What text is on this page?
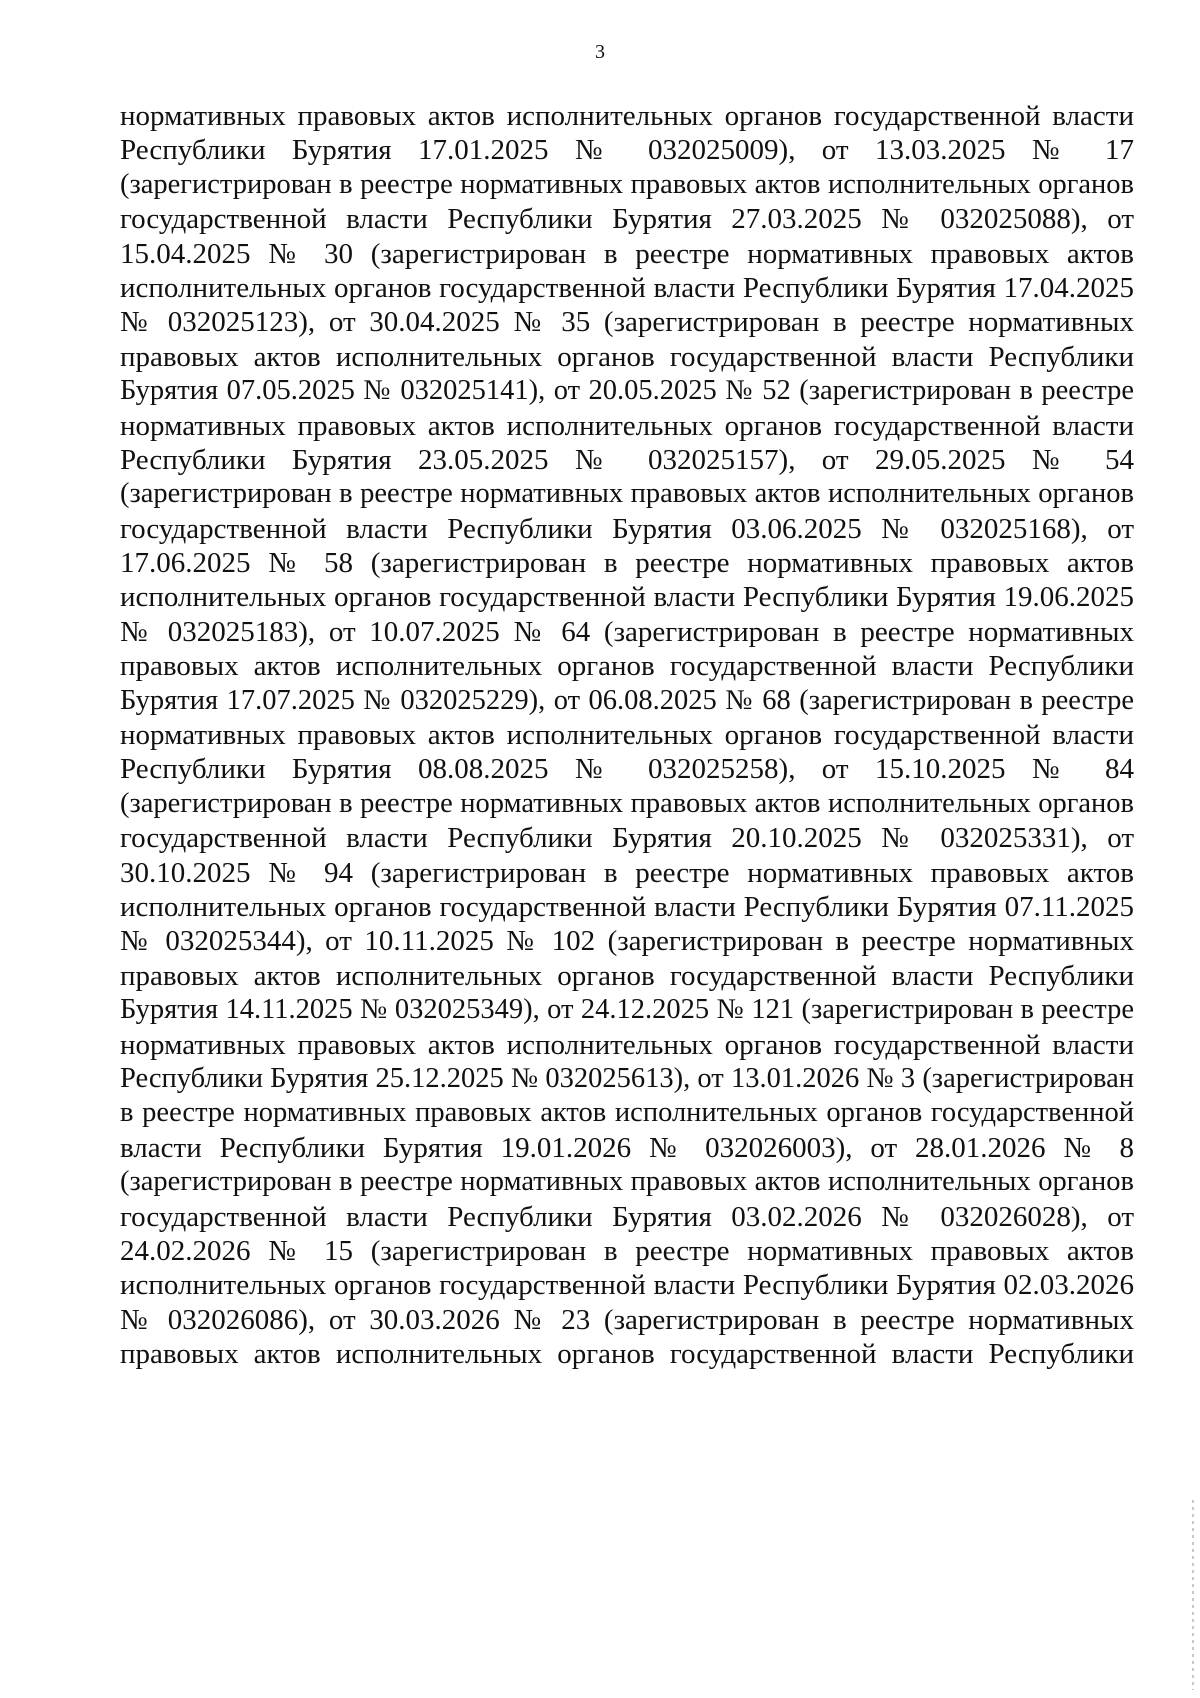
3
нормативных правовых актов исполнительных органов государственной власти
Республики Бурятия 17.01.2025 № 032025009), от 13.03.2025 № 17
(зарегистрирован в реестре нормативных правовых актов исполнительных органов
государственной власти Республики Бурятия 27.03.2025 № 032025088), от
15.04.2025 № 30 (зарегистрирован в реестре нормативных правовых актов
исполнительных органов государственной власти Республики Бурятия 17.04.2025
№ 032025123), от 30.04.2025 № 35 (зарегистрирован в реестре нормативных
правовых актов исполнительных органов государственной власти Республики
Бурятия 07.05.2025 № 032025141), от 20.05.2025 № 52 (зарегистрирован в реестре
нормативных правовых актов исполнительных органов государственной власти
Республики Бурятия 23.05.2025 № 032025157), от 29.05.2025 № 54
(зарегистрирован в реестре нормативных правовых актов исполнительных органов
государственной власти Республики Бурятия 03.06.2025 № 032025168), от
17.06.2025 № 58 (зарегистрирован в реестре нормативных правовых актов
исполнительных органов государственной власти Республики Бурятия 19.06.2025
№ 032025183), от 10.07.2025 № 64 (зарегистрирован в реестре нормативных
правовых актов исполнительных органов государственной власти Республики
Бурятия 17.07.2025 № 032025229), от 06.08.2025 № 68 (зарегистрирован в реестре
нормативных правовых актов исполнительных органов государственной власти
Республики Бурятия 08.08.2025 № 032025258), от 15.10.2025 № 84
(зарегистрирован в реестре нормативных правовых актов исполнительных органов
государственной власти Республики Бурятия 20.10.2025 № 032025331), от
30.10.2025 № 94 (зарегистрирован в реестре нормативных правовых актов
исполнительных органов государственной власти Республики Бурятия 07.11.2025
№ 032025344), от 10.11.2025 № 102 (зарегистрирован в реестре нормативных
правовых актов исполнительных органов государственной власти Республики
Бурятия 14.11.2025 № 032025349), от 24.12.2025 № 121 (зарегистрирован в реестре
нормативных правовых актов исполнительных органов государственной власти
Республики Бурятия 25.12.2025 № 032025613), от 13.01.2026 № 3 (зарегистрирован
в реестре нормативных правовых актов исполнительных органов государственной
власти Республики Бурятия 19.01.2026 № 032026003), от 28.01.2026 № 8
(зарегистрирован в реестре нормативных правовых актов исполнительных органов
государственной власти Республики Бурятия 03.02.2026 № 032026028), от
24.02.2026 № 15 (зарегистрирован в реестре нормативных правовых актов
исполнительных органов государственной власти Республики Бурятия 02.03.2026
№ 032026086), от 30.03.2026 № 23 (зарегистрирован в реестре нормативных
правовых актов исполнительных органов государственной власти Республики
